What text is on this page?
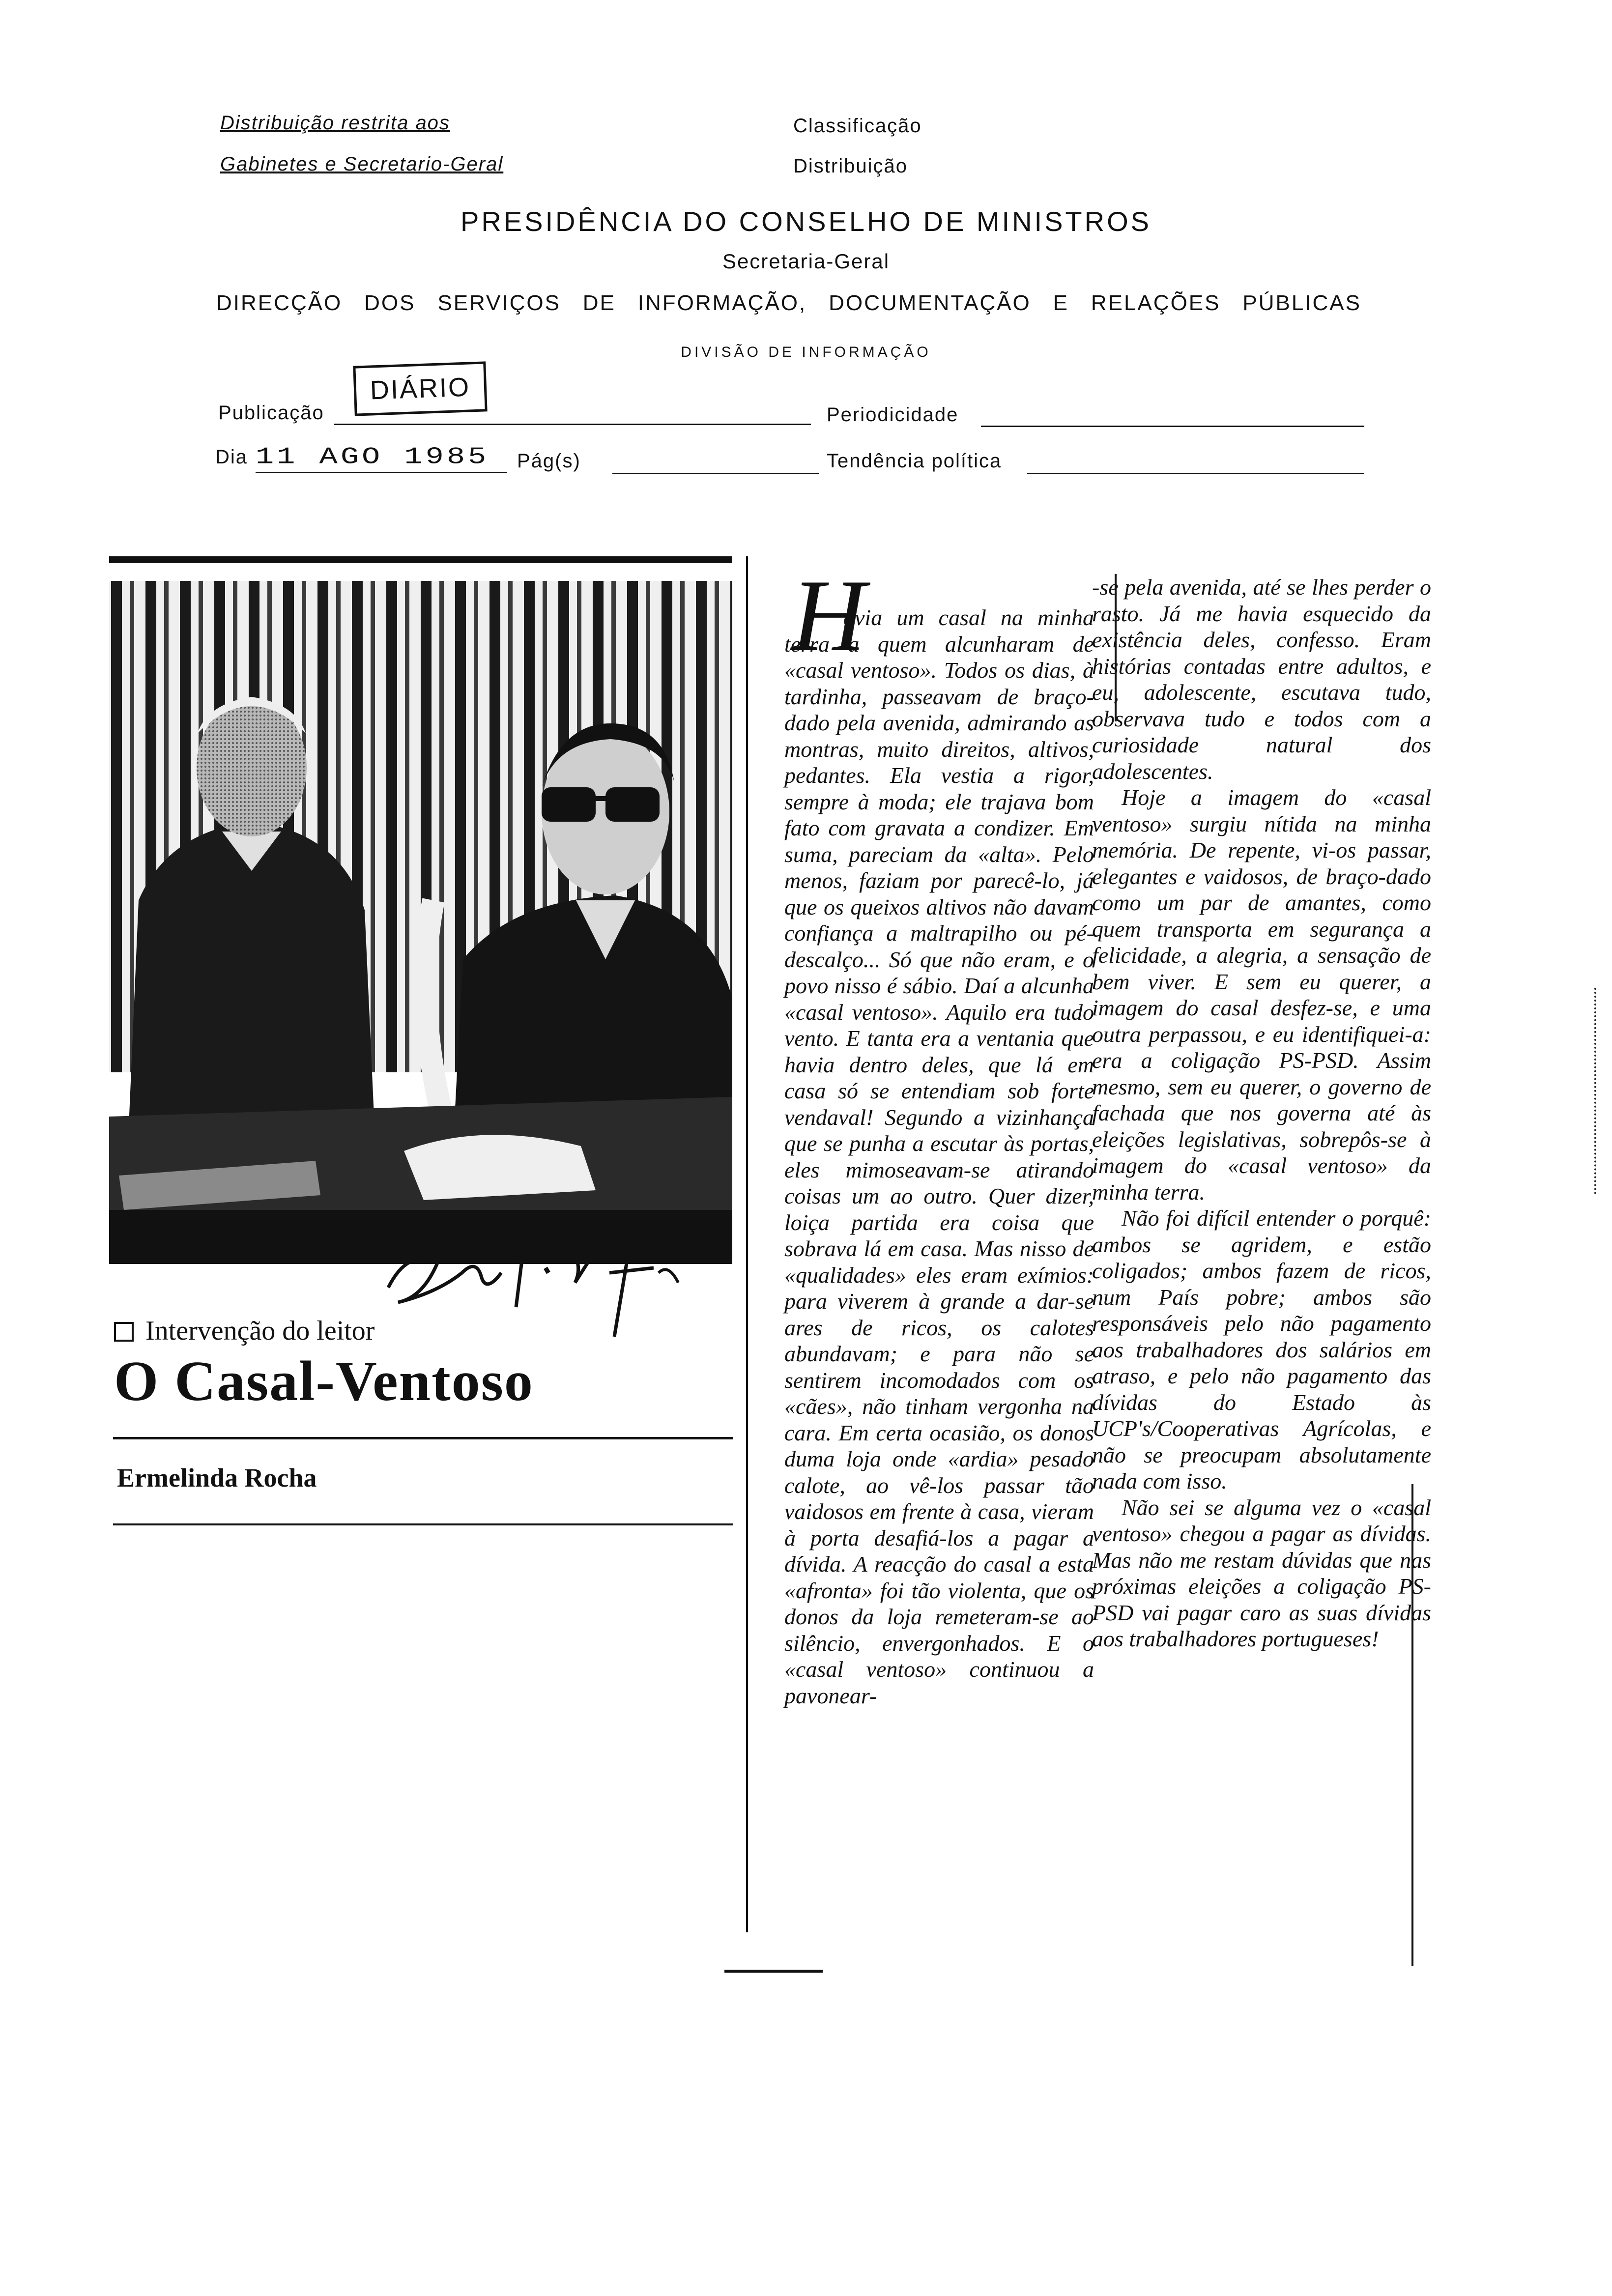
Distribuição restrita aos
Gabinetes e Secretario-Geral
Classificação
Distribuição
PRESIDÊNCIA DO CONSELHO DE MINISTROS
Secretaria-Geral
DIRECÇÃO DOS SERVIÇOS DE INFORMAÇÃO, DOCUMENTAÇÃO E RELAÇÕES PÚBLICAS
DIVISÃO DE INFORMAÇÃO
Publicação
DIÁRIO
Periodicidade
Dia 11 AGO 1985 Pág(s)	Tendência política
Intervenção do leitor
O Casal-Ventoso
Ermelinda Rocha
H

avia um casal na minha terra a quem alcunharam de «casal ventoso». Todos os dias, à tardinha, passeavam de braço-dado pela avenida, admirando as montras, muito direitos, altivos, pedantes. Ela vestia a rigor, sempre à moda; ele trajava bom fato com gravata a condizer. Em suma, pareciam da «alta». Pelo menos, faziam por parecê-lo, já que os queixos altivos não davam confiança a maltrapilho ou pé-descalço... Só que não eram, e o povo nisso é sábio. Daí a alcunha «casal ventoso». Aquilo era tudo vento. E tanta era a ventania que havia dentro deles, que lá em casa só se entendiam sob forte vendaval! Segundo a vizinhança que se punha a escutar às portas, eles mimoseavam-se atirando coisas um ao outro. Quer dizer, loiça partida era coisa que sobrava lá em casa. Mas nisso de «qualidades» eles eram exímios: para viverem à grande a dar-se ares de ricos, os calotes abundavam; e para não se sentirem incomodados com os «cães», não tinham vergonha na cara. Em certa ocasião, os donos duma loja onde «ardia» pesado calote, ao vê-los passar tão vaidosos em frente à casa, vieram à porta desafiá-los a pagar a dívida. A reacção do casal a esta «afronta» foi tão violenta, que os donos da loja remeteram-se ao silêncio, envergonhados. E o «casal ventoso» continuou a pavonear-

-se pela avenida, até se lhes perder o rasto. Já me havia esquecido da existência deles, confesso. Eram histórias contadas entre adultos, e eu, adolescente, escutava tudo, observava tudo e todos com a curiosidade natural dos adolescentes.

Hoje a imagem do «casal ventoso» surgiu nítida na minha memória. De repente, vi-os passar, elegantes e vaidosos, de braço-dado como um par de amantes, como quem transporta em segurança a felicidade, a alegria, a sensação de bem viver. E sem eu querer, a imagem do casal desfez-se, e uma outra perpassou, e eu identifiquei-a: era a coligação PS-PSD. Assim mesmo, sem eu querer, o governo de fachada que nos governa até às eleições legislativas, sobrepôs-se à imagem do «casal ventoso» da minha terra.

Não foi difícil entender o porquê: ambos se agridem, e estão coligados; ambos fazem de ricos, num País pobre; ambos são responsáveis pelo não pagamento aos trabalhadores dos salários em atraso, e pelo não pagamento das dívidas do Estado às UCP's/Cooperativas Agrícolas, e não se preocupam absolutamente nada com isso.

Não sei se alguma vez o «casal ventoso» chegou a pagar as dívidas. Mas não me restam dúvidas que nas próximas eleições a coligação PS-PSD vai pagar caro as suas dívidas aos trabalhadores portugueses!
